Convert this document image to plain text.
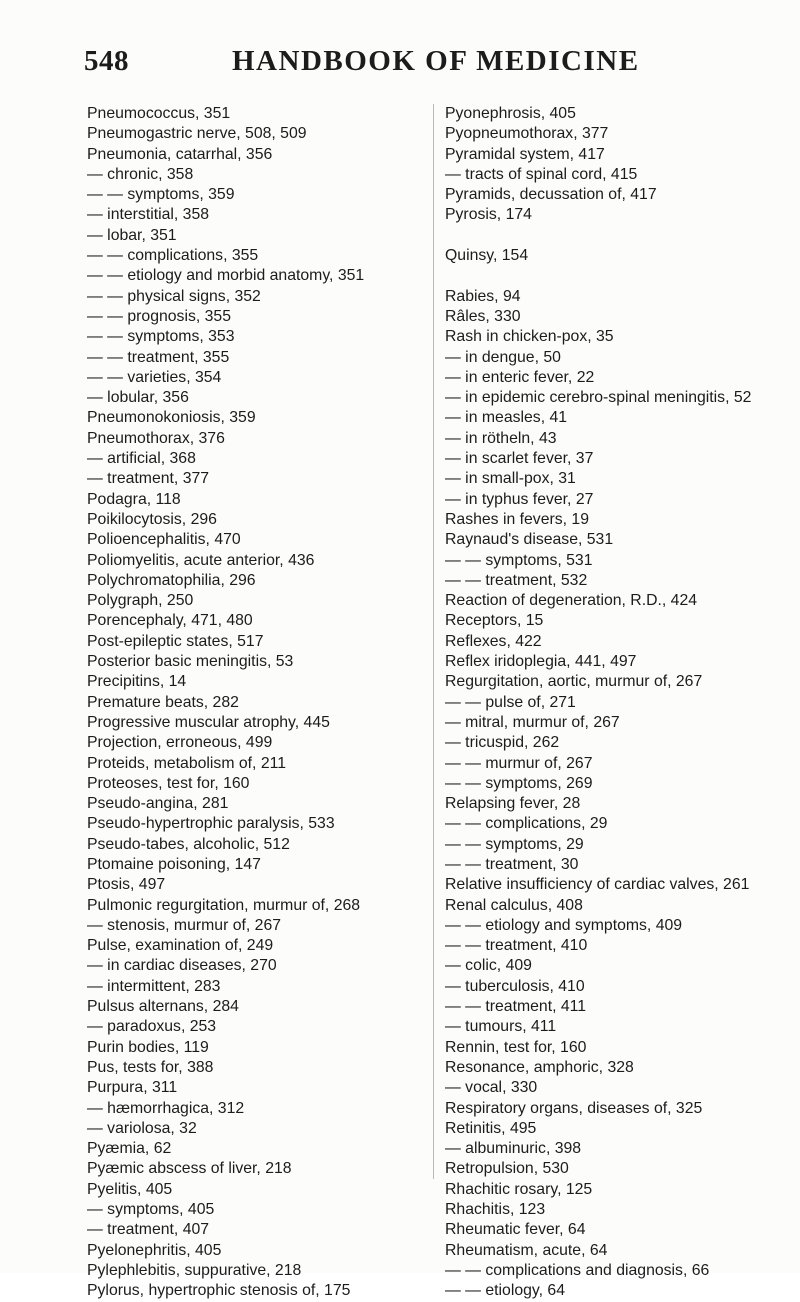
548	HANDBOOK OF MEDICINE
Pneumococcus, 351
Pneumogastric nerve, 508, 509
Pneumonia, catarrhal, 356
— chronic, 358
— — symptoms, 359
— interstitial, 358
— lobar, 351
— — complications, 355
— — etiology and morbid anatomy, 351
— — physical signs, 352
— — prognosis, 355
— — symptoms, 353
— — treatment, 355
— — varieties, 354
— lobular, 356
Pneumonokoniosis, 359
Pneumothorax, 376
— artificial, 368
— treatment, 377
Podagra, 118
Poikilocytosis, 296
Polioencephalitis, 470
Poliomyelitis, acute anterior, 436
Polychromatophilia, 296
Polygraph, 250
Porencephaly, 471, 480
Post-epileptic states, 517
Posterior basic meningitis, 53
Precipitins, 14
Premature beats, 282
Progressive muscular atrophy, 445
Projection, erroneous, 499
Proteids, metabolism of, 211
Proteoses, test for, 160
Pseudo-angina, 281
Pseudo-hypertrophic paralysis, 533
Pseudo-tabes, alcoholic, 512
Ptomaine poisoning, 147
Ptosis, 497
Pulmonic regurgitation, murmur of, 268
— stenosis, murmur of, 267
Pulse, examination of, 249
— in cardiac diseases, 270
— intermittent, 283
Pulsus alternans, 284
— paradoxus, 253
Purin bodies, 119
Pus, tests for, 388
Purpura, 311
— hæmorrhagica, 312
— variolosa, 32
Pyæmia, 62
Pyæmic abscess of liver, 218
Pyelitis, 405
— symptoms, 405
— treatment, 407
Pyelonephritis, 405
Pylephlebitis, suppurative, 218
Pylorus, hypertrophic stenosis of, 175
Pyonephrosis, 405
Pyopneumothorax, 377
Pyramidal system, 417
— tracts of spinal cord, 415
Pyramids, decussation of, 417
Pyrosis, 174
Quinsy, 154
Rabies, 94
Râles, 330
Rash in chicken-pox, 35
— in dengue, 50
— in enteric fever, 22
— in epidemic cerebro-spinal meningitis, 52
— in measles, 41
— in rötheln, 43
— in scarlet fever, 37
— in small-pox, 31
— in typhus fever, 27
Rashes in fevers, 19
Raynaud's disease, 531
— — symptoms, 531
— — treatment, 532
Reaction of degeneration, R.D., 424
Receptors, 15
Reflexes, 422
Reflex iridoplegia, 441, 497
Regurgitation, aortic, murmur of, 267
— — pulse of, 271
— mitral, murmur of, 267
— tricuspid, 262
— — murmur of, 267
— — symptoms, 269
Relapsing fever, 28
— — complications, 29
— — symptoms, 29
— — treatment, 30
Relative insufficiency of cardiac valves, 261
Renal calculus, 408
— — etiology and symptoms, 409
— — treatment, 410
— colic, 409
— tuberculosis, 410
— — treatment, 411
— tumours, 411
Rennin, test for, 160
Resonance, amphoric, 328
— vocal, 330
Respiratory organs, diseases of, 325
Retinitis, 495
— albuminuric, 398
Retropulsion, 530
Rhachitic rosary, 125
Rhachitis, 123
Rheumatic fever, 64
Rheumatism, acute, 64
— — complications and diagnosis, 66
— — etiology, 64
